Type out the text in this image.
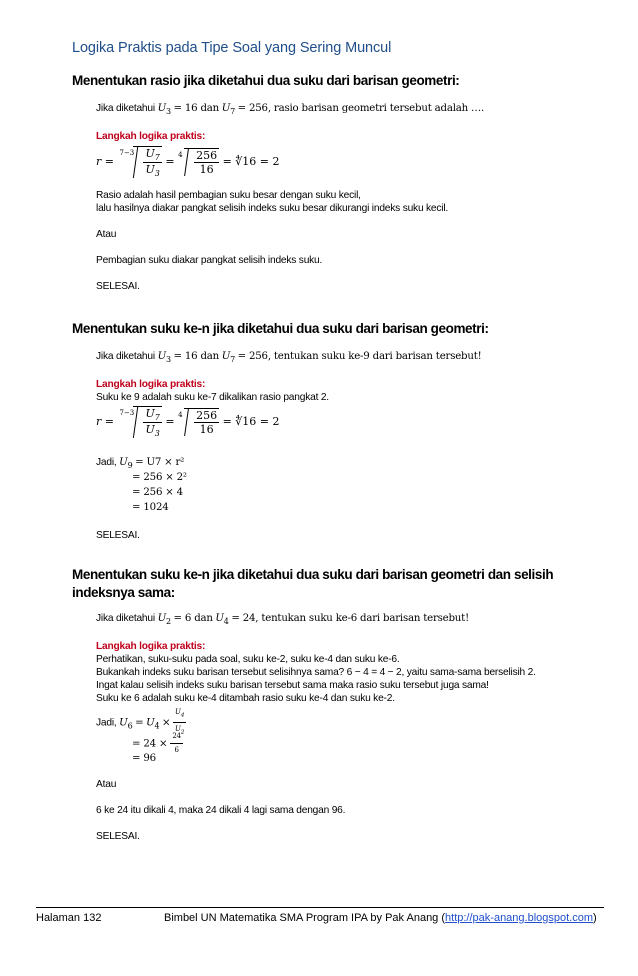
Logika Praktis pada Tipe Soal yang Sering Muncul
Menentukan rasio jika diketahui dua suku dari barisan geometri:
Jika diketahui $U_3 = 16$ dan $U_7 = 256$, rasio barisan geometri tersebut adalah ….
Langkah logika praktis:
r =
$7-3 \frac{U_7}{U_3} = 4 \frac{256}{16}$ = ∜16 = 2
Rasio adalah hasil pembagian suku besar dengan suku kecil,
lalu hasilnya diakar pangkat selisih indeks suku besar dikurangi indeks suku kecil.
Atau
Pembagian suku diakar pangkat selisih indeks suku.
SELESAI.
Menentukan suku ke-n jika diketahui dua suku dari barisan geometri:
Jika diketahui $U_3 = 16$ dan $U_7 = 256$, tentukan suku ke-9 dari barisan tersebut!
Langkah logika praktis:
Suku ke 9 adalah suku ke-7 dikalikan rasio pangkat 2.
r =
$7-3 \frac{U_7}{U_3} = 4 \frac{256}{16}$ = ∜16 = 2
Jadi, $U_9 = U7 \times r^2$
= 256 × 2²
= 256 × 4
= 1024
SELESAI.
Menentukan suku ke-n jika diketahui dua suku dari barisan geometri dan selisih
indeksnya sama:
Jika diketahui $U_2 = 6$ dan $U_4 = 24$, tentukan suku ke-6 dari barisan tersebut!
Langkah logika praktis:
Perhatikan, suku-suku pada soal, suku ke-2, suku ke-4 dan suku ke-6.
Bukankah indeks suku barisan tersebut selisihnya sama? 6 − 4 = 4 − 2, yaitu sama-sama berselisih 2.
Ingat kalau selisih indeks suku barisan tersebut sama maka rasio suku tersebut juga sama!
Suku ke 6 adalah suku ke-4 ditambah rasio suku ke-4 dan suku ke-2.
Jadi, $U_6 = U_4 \times \frac{U_4}{U_2}$
= $24 \times \frac{24}{6}$
= 96
Atau
6 ke 24 itu dikali 4, maka 24 dikali 4 lagi sama dengan 96.
SELESAI.
Halaman 132	Bimbel UN Matematika SMA Program IPA by Pak Anang (http://pak-anang.blogspot.com)
